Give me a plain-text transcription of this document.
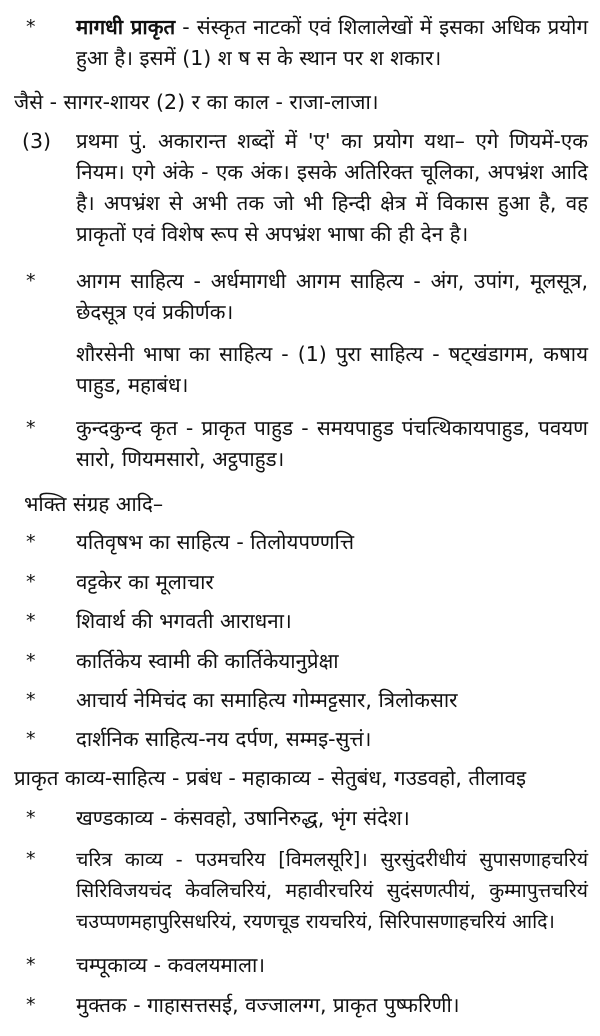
*	मागधी प्राकृत - संस्कृत नाटकों एवं शिलालेखों में इसका अधिक प्रयोग हुआ है। इसमें (1) श ष स के स्थान पर श शकार।
जैसे - सागर-शायर (2) र का काल - राजा-लाजा।
(3) प्रथमा पुं. अकारान्त शब्दों में 'ए' का प्रयोग यथा– एगे णियमें-एक नियम। एगे अंके - एक अंक। इसके अतिरिक्त चूलिका, अपभ्रंश आदि है। अपभ्रंश से अभी तक जो भी हिन्दी क्षेत्र में विकास हुआ है, वह प्राकृतों एवं विशेष रूप से अपभ्रंश भाषा की ही देन है।
*	आगम साहित्य - अर्धमागधी आगम साहित्य - अंग, उपांग, मूलसूत्र, छेदसूत्र एवं प्रकीर्णक।
शौरसेनी भाषा का साहित्य - (1) पुरा साहित्य - षट्खंडागम, कषाय पाहुड, महाबंध।
*	कुन्दकुन्द कृत - प्राकृत पाहुड - समयपाहुड पंचत्थिकायपाहुड, पवयण सारो, णियमसारो, अट्ठपाहुड।
भक्ति संग्रह आदि–
*	यतिवृषभ का साहित्य - तिलोयपण्णत्ति
*	वट्टकेर का मूलाचार
*	शिवार्थ की भगवती आराधना।
*	कार्तिकेय स्वामी की कार्तिकेयानुप्रेक्षा
*	आचार्य नेमिचंद का समाहित्य गोम्मट्टसार, त्रिलोकसार
*	दार्शनिक साहित्य-नय दर्पण, सम्मइ-सुत्तं।
प्राकृत काव्य-साहित्य - प्रबंध - महाकाव्य - सेतुबंध, गउडवहो, तीलावइ
*	खण्डकाव्य - कंसवहो, उषानिरुद्ध, भृंग संदेश।
*	चरित्र काव्य - पउमचरिय [विमलसूरि]। सुरसुंदरीधीयं सुपासणाहचरियं सिरिविजयचंद केवलिचरियं, महावीरचरियं सुदंसणत्पीयं, कुम्मापुत्तचरियं चउप्पणमहापुरिसधरियं, रयणचूड रायचरियं, सिरिपासणाहचरियं आदि।
*	चम्पूकाव्य - कवलयमाला।
*	मुक्तक - गाहासत्तसई, वज्जालग्ग, प्राकृत पुष्फरिणी।
